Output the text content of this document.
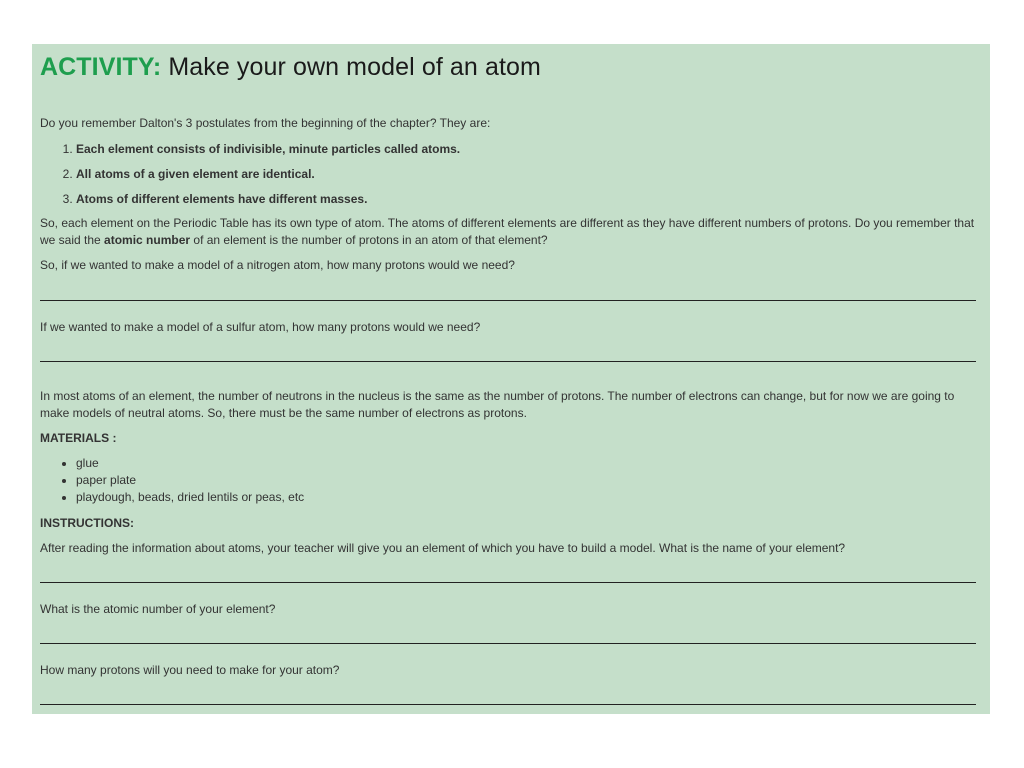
ACTIVITY: Make your own model of an atom

Do you remember Dalton's 3 postulates from the beginning of the chapter? They are:

1. Each element consists of indivisible, minute particles called atoms.
2. All atoms of a given element are identical.
3. Atoms of different elements have different masses.

So, each element on the Periodic Table has its own type of atom. The atoms of different elements are different as they have different numbers of protons. Do you remember that we said the atomic number of an element is the number of protons in an atom of that element?

So, if we wanted to make a model of a nitrogen atom, how many protons would we need?

If we wanted to make a model of a sulfur atom, how many protons would we need?

In most atoms of an element, the number of neutrons in the nucleus is the same as the number of protons. The number of electrons can change, but for now we are going to make models of neutral atoms. So, there must be the same number of electrons as protons.

MATERIALS :

• glue
• paper plate
• playdough, beads, dried lentils or peas, etc

INSTRUCTIONS:

After reading the information about atoms, your teacher will give you an element of which you have to build a model. What is the name of your element?

What is the atomic number of your element?

How many protons will you need to make for your atom?
